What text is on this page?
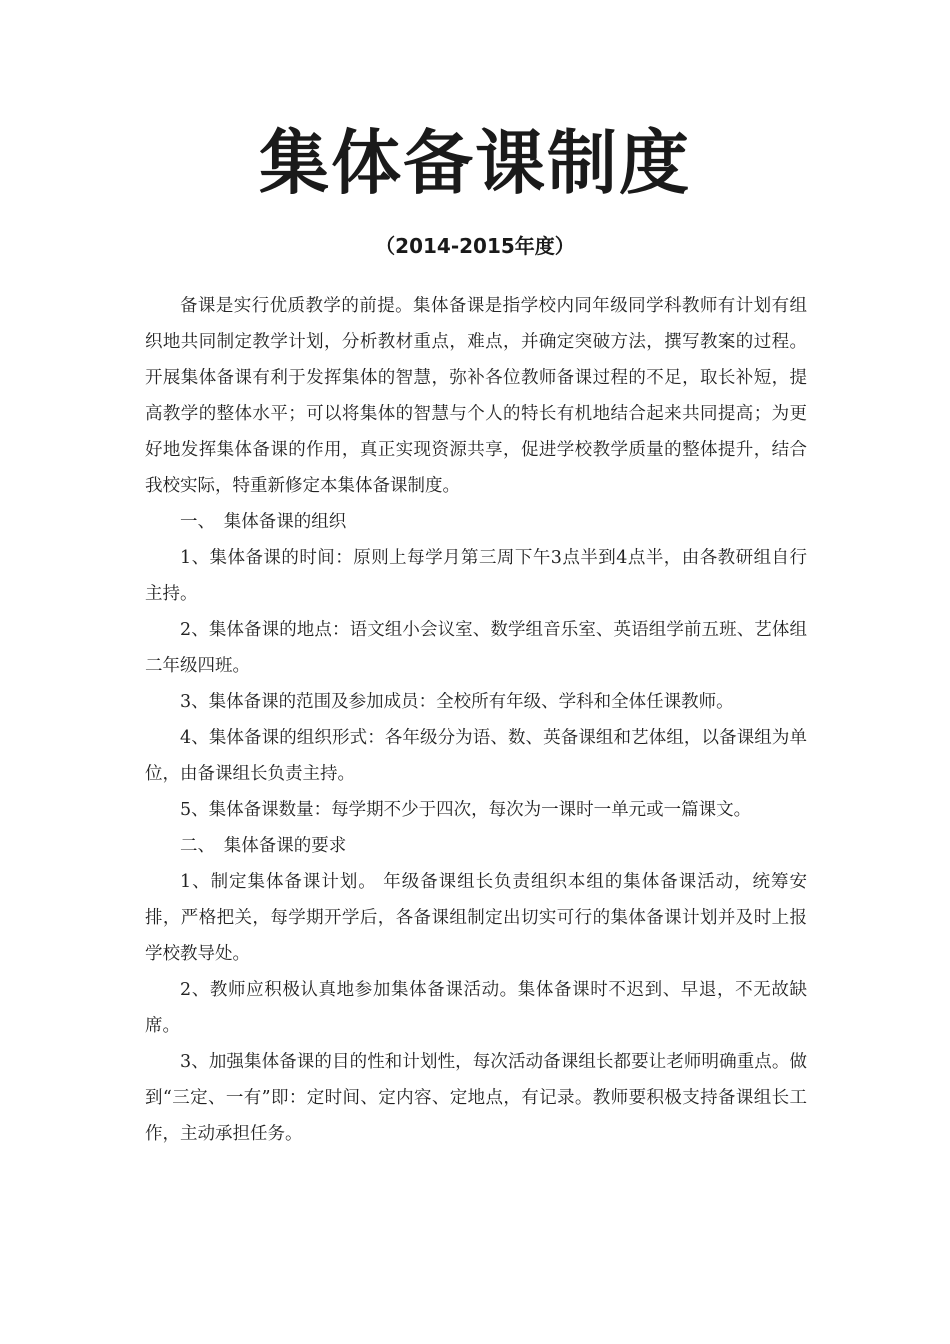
集体备课制度
（2014-2015年度）

备课是实行优质教学的前提。集体备课是指学校内同年级同学科教师有计划有组织地共同制定教学计划，分析教材重点，难点，并确定突破方法，撰写教案的过程。开展集体备课有利于发挥集体的智慧，弥补各位教师备课过程的不足，取长补短，提高教学的整体水平；可以将集体的智慧与个人的特长有机地结合起来共同提高；为更好地发挥集体备课的作用，真正实现资源共享，促进学校教学质量的整体提升，结合我校实际，特重新修定本集体备课制度。

一、　集体备课的组织

1、集体备课的时间：原则上每学月第三周下午3点半到4点半，由各教研组自行主持。

2、集体备课的地点：语文组小会议室、数学组音乐室、英语组学前五班、艺体组二年级四班。

3、集体备课的范围及参加成员：全校所有年级、学科和全体任课教师。

4、集体备课的组织形式：各年级分为语、数、英备课组和艺体组，以备课组为单位，由备课组长负责主持。

5、集体备课数量：每学期不少于四次，每次为一课时一单元或一篇课文。

二、　集体备课的要求

1、制定集体备课计划。 年级备课组长负责组织本组的集体备课活动，统筹安排，严格把关，每学期开学后，各备课组制定出切实可行的集体备课计划并及时上报学校教导处。

2、教师应积极认真地参加集体备课活动。集体备课时不迟到、早退，不无故缺席。

3、加强集体备课的目的性和计划性，每次活动备课组长都要让老师明确重点。做到“三定、一有”即：定时间、定内容、定地点，有记录。教师要积极支持备课组长工作，主动承担任务。
